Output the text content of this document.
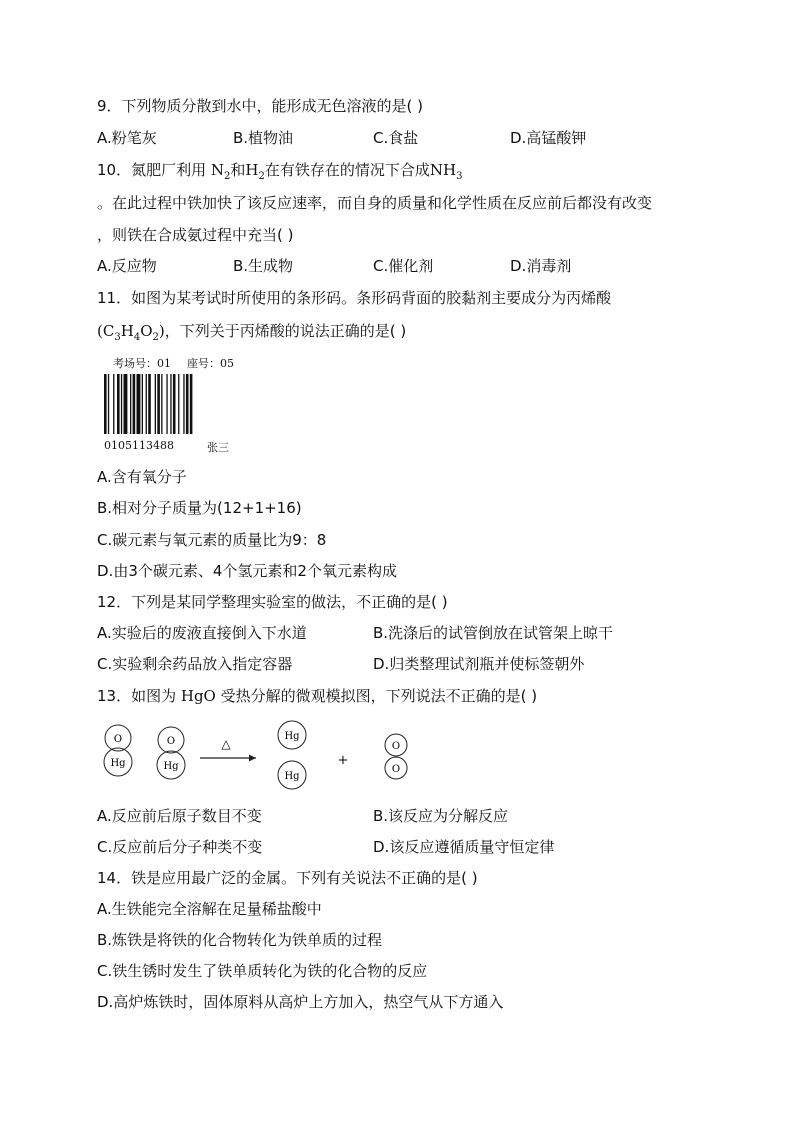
9．下列物质分散到水中，能形成无色溶液的是( )
A.粉笔灰	B.植物油	C.食盐	D.高锰酸钾
10．氮肥厂利用 $N_2$和$H_2$在有铁存在的情况下合成$NH_3$
。在此过程中铁加快了该反应速率，而自身的质量和化学性质在反应前后都没有改变
，则铁在合成氨过程中充当( )
A.反应物	B.生成物	C.催化剂	D.消毒剂
11．如图为某考试时所使用的条形码。条形码背面的胶黏剂主要成分为丙烯酸
$(C_3H_4O_2)$，下列关于丙烯酸的说法正确的是( )
考场号：01 座号：05
0105113488	张三
A.含有氧分子
B.相对分子质量为(12+1+16)
C.碳元素与氧元素的质量比为9：8
D.由3个碳元素、4个氢元素和2个氧元素构成
12．下列是某同学整理实验室的做法，不正确的是( )
A.实验后的废液直接倒入下水道	B.洗涤后的试管倒放在试管架上晾干
C.实验剩余药品放入指定容器	D.归类整理试剂瓶并使标签朝外
13．如图为 HgO 受热分解的微观模拟图，下列说法不正确的是( )
O
Hg
O
Hg
△
Hg
Hg
+
O
O
A.反应前后原子数目不变	B.该反应为分解反应
C.反应前后分子种类不变	D.该反应遵循质量守恒定律
14．铁是应用最广泛的金属。下列有关说法不正确的是( )
A.生铁能完全溶解在足量稀盐酸中
B.炼铁是将铁的化合物转化为铁单质的过程
C.铁生锈时发生了铁单质转化为铁的化合物的反应
D.高炉炼铁时，固体原料从高炉上方加入，热空气从下方通入
